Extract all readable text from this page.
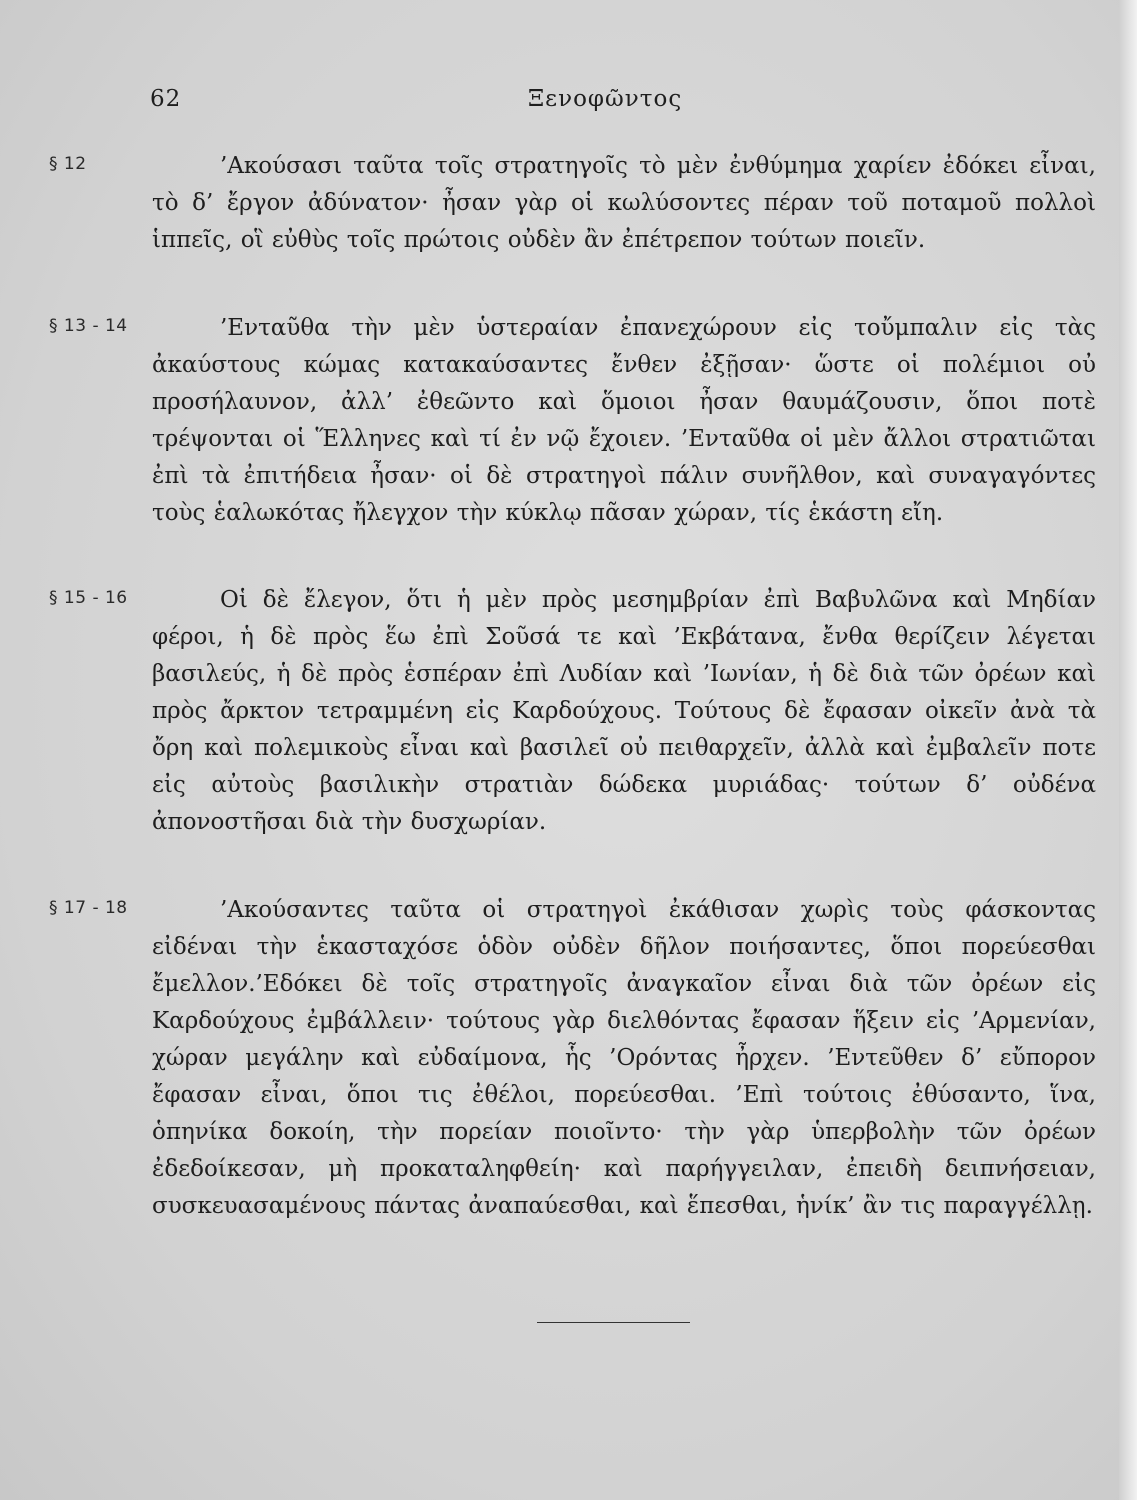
62	Ξενοφῶντος
§ 12	’Ακούσασι ταῦτα τοῖς στρατηγοῖς τὸ μὲν ἐνθύμημα χαρίεν ἐδόκει εἶναι, τὸ δ’ ἔργον ἀδύνατον· ἦσαν γὰρ οἱ κωλύσοντες πέραν τοῦ ποταμοῦ πολλοὶ ἱππεῖς, οἳ εὐθὺς τοῖς πρώτοις οὐδὲν ἂν ἐπέτρεπον τούτων ποιεῖν.
§ 13 - 14	’Ενταῦθα τὴν μὲν ὑστεραίαν ἐπανεχώρουν εἰς τοὔμπαλιν εἰς τὰς ἀκαύστους κώμας κατακαύσαντες ἔνθεν ἐξῇσαν· ὥστε οἱ πολέμιοι οὐ προσήλαυνον, ἀλλ’ ἐθεῶντο καὶ ὅμοιοι ἦσαν θαυμάζουσιν, ὅποι ποτὲ τρέψονται οἱ Ἕλληνες καὶ τί ἐν νῷ ἔχοιεν. ’Ενταῦθα οἱ μὲν ἄλλοι στρατιῶται ἐπὶ τὰ ἐπιτήδεια ἦσαν· οἱ δὲ στρατηγοὶ πάλιν συνῆλθον, καὶ συναγαγόντες τοὺς ἑαλωκότας ἤλεγχον τὴν κύκλῳ πᾶσαν χώραν, τίς ἑκάστη εἴη.
§ 15 - 16	Οἱ δὲ ἔλεγον, ὅτι ἡ μὲν πρὸς μεσημβρίαν ἐπὶ Βαβυλῶνα καὶ Μηδίαν φέροι, ἡ δὲ πρὸς ἕω ἐπὶ Σοῦσά τε καὶ ’Εκβάτανα, ἔνθα θερίζειν λέγεται βασιλεύς, ἡ δὲ πρὸς ἑσπέραν ἐπὶ Λυδίαν καὶ ’Ιωνίαν, ἡ δὲ διὰ τῶν ὀρέων καὶ πρὸς ἄρκτον τετραμμένη εἰς Καρδούχους. Τούτους δὲ ἔφασαν οἰκεῖν ἀνὰ τὰ ὄρη καὶ πολεμικοὺς εἶναι καὶ βασιλεῖ οὐ πειθαρχεῖν, ἀλλὰ καὶ ἐμβαλεῖν ποτε εἰς αὐτοὺς βασιλικὴν στρατιὰν δώδεκα μυριάδας· τούτων δ’ οὐδένα ἀπονοστῆσαι διὰ τὴν δυσχωρίαν.
§ 17 - 18	’Ακούσαντες ταῦτα οἱ στρατηγοὶ ἐκάθισαν χωρὶς τοὺς φάσκοντας εἰδέναι τὴν ἑκασταχόσε ὁδὸν οὐδὲν δῆλον ποιήσαντες, ὅποι πορεύεσθαι ἔμελλον.’Εδόκει δὲ τοῖς στρατηγοῖς ἀναγκαῖον εἶναι διὰ τῶν ὀρέων εἰς Καρδούχους ἐμβάλλειν· τούτους γὰρ διελθόντας ἔφασαν ἥξειν εἰς ’Αρμενίαν, χώραν μεγάλην καὶ εὐδαίμονα, ἧς ’Ορόντας ἦρχεν. ’Εντεῦθεν δ’ εὔπορον ἔφασαν εἶναι, ὅποι τις ἐθέλοι, πορεύεσθαι. ’Επὶ τούτοις ἐθύσαντο, ἵνα, ὁπηνίκα δοκοίη, τὴν πορείαν ποιοῖντο· τὴν γὰρ ὑπερβολὴν τῶν ὀρέων ἐδεδοίκεσαν, μὴ προκαταληφθείη· καὶ παρήγγειλαν, ἐπειδὴ δειπνήσειαν, συσκευασαμένους πάντας ἀναπαύεσθαι, καὶ ἕπεσθαι, ἡνίκ’ ἂν τις παραγγέλλῃ.
